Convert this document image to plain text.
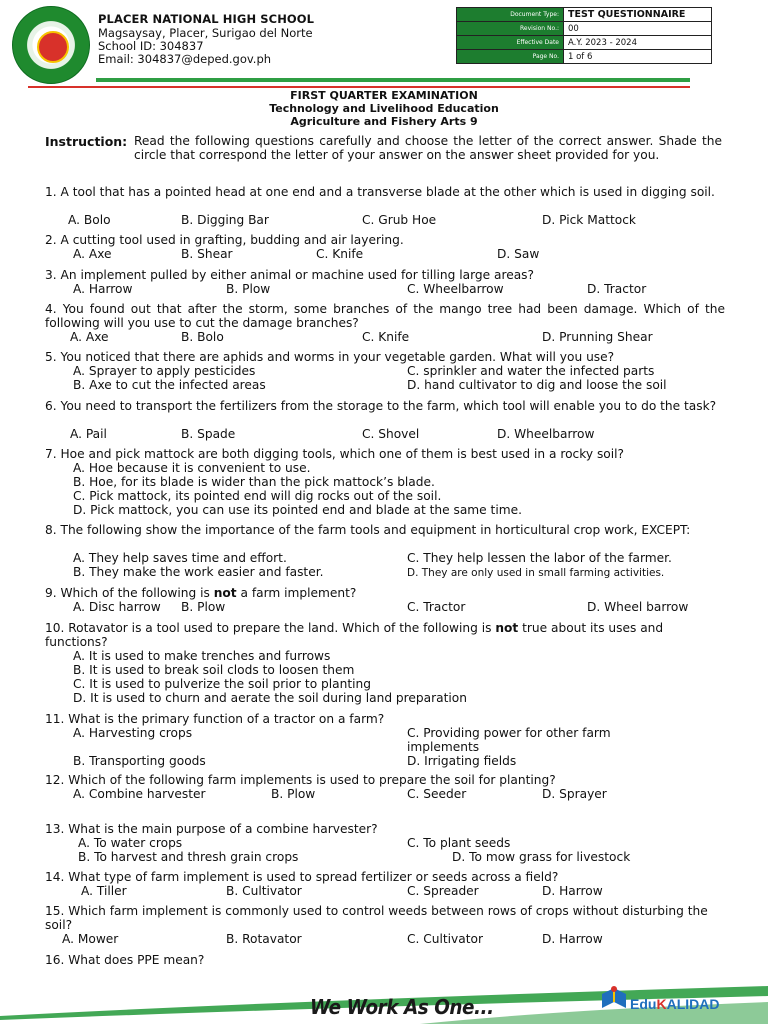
PLACER NATIONAL HIGH SCHOOL
Magsaysay, Placer, Surigao del Norte
School ID: 304837
Email: 304837@deped.gov.ph
Document Type:	TEST QUESTIONNAIRE
Revision No.:	00
Effective Date	A.Y. 2023 - 2024
Page No.	1 of 6
FIRST QUARTER EXAMINATION
Technology and Livelihood Education
Agriculture and Fishery Arts 9
Instruction: Read the following questions carefully and choose the letter of the correct answer. Shade the circle that correspond the letter of your answer on the answer sheet provided for you.
1. A tool that has a pointed head at one end and a transverse blade at the other which is used in digging soil.
A. Bolo	B. Digging Bar	C. Grub Hoe	D. Pick Mattock
2. A cutting tool used in grafting, budding and air layering.
A. Axe	B. Shear	C. Knife	D. Saw
3. An implement pulled by either animal or machine used for tilling large areas?
A. Harrow	B. Plow	C. Wheelbarrow	D. Tractor
4. You found out that after the storm, some branches of the mango tree had been damage. Which of the following will you use to cut the damage branches?
A. Axe	B. Bolo	C. Knife	D. Prunning Shear
5. You noticed that there are aphids and worms in your vegetable garden. What will you use?
A. Sprayer to apply pesticides	C. sprinkler and water the infected parts
B. Axe to cut the infected areas	D. hand cultivator to dig and loose the soil
6. You need to transport the fertilizers from the storage to the farm, which tool will enable you to do the task?
A. Pail	B. Spade	C. Shovel	D. Wheelbarrow
7. Hoe and pick mattock are both digging tools, which one of them is best used in a rocky soil?
A. Hoe because it is convenient to use.
B. Hoe, for its blade is wider than the pick mattock’s blade.
C. Pick mattock, its pointed end will dig rocks out of the soil.
D. Pick mattock, you can use its pointed end and blade at the same time.
8. The following show the importance of the farm tools and equipment in horticultural crop work, EXCEPT:
A. They help saves time and effort.	C. They help lessen the labor of the farmer.
B. They make the work easier and faster.	D. They are only used in small farming activities.
9. Which of the following is not a farm implement?
A. Disc harrow B. Plow	C. Tractor	D. Wheel barrow
10. Rotavator is a tool used to prepare the land. Which of the following is not true about its uses and functions?
A. It is used to make trenches and furrows
B. It is used to break soil clods to loosen them
C. It is used to pulverize the soil prior to planting
D. It is used to churn and aerate the soil during land preparation
11. What is the primary function of a tractor on a farm?
A. Harvesting crops	C. Providing power for other farm implements
B. Transporting goods	D. Irrigating fields
12. Which of the following farm implements is used to prepare the soil for planting?
A. Combine harvester	B. Plow	C. Seeder	D. Sprayer
13. What is the main purpose of a combine harvester?
A. To water crops	C. To plant seeds
B. To harvest and thresh grain crops	D. To mow grass for livestock
14. What type of farm implement is used to spread fertilizer or seeds across a field?
A. Tiller	B. Cultivator	C. Spreader	D. Harrow
15. Which farm implement is commonly used to control weeds between rows of crops without disturbing the soil?
A. Mower	B. Rotavator	C. Cultivator	D. Harrow
16. What does PPE mean?
We Work As One...	EduKALIDAD
